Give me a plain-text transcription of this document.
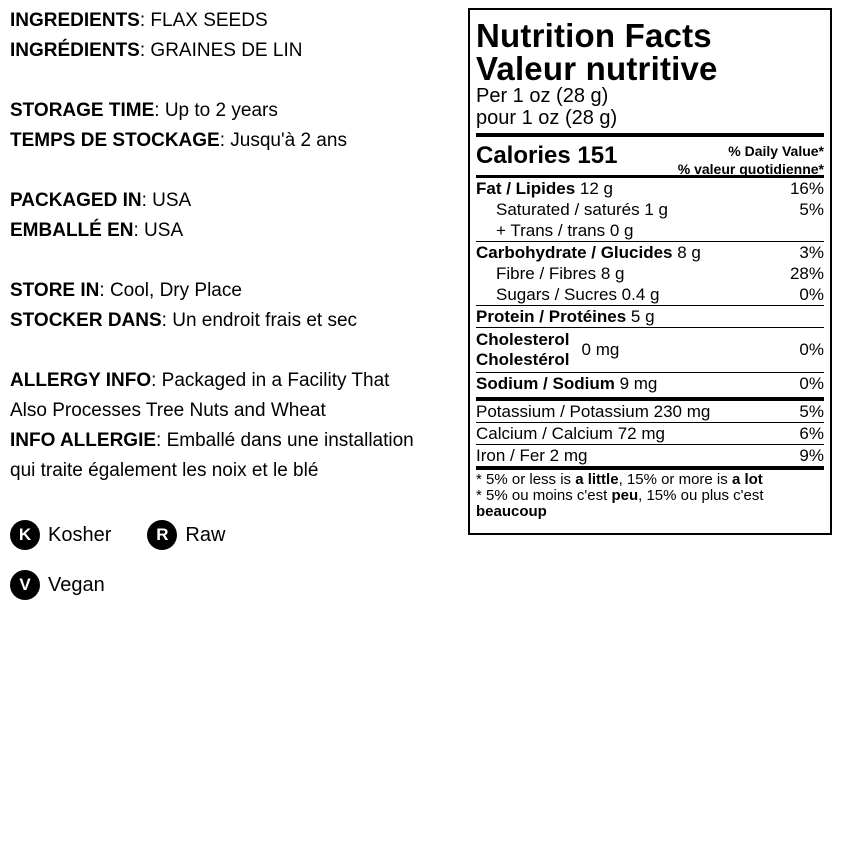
INGREDIENTS: FLAX SEEDS
INGRÉDIENTS: GRAINES DE LIN
STORAGE TIME: Up to 2 years
TEMPS DE STOCKAGE: Jusqu'à 2 ans
PACKAGED IN: USA
EMBALLÉ EN: USA
STORE IN: Cool, Dry Place
STOCKER DANS: Un endroit frais et sec
ALLERGY INFO: Packaged in a Facility That
Also Processes Tree Nuts and Wheat
INFO ALLERGIE: Emballé dans une installation
qui traite également les noix et le blé
K Kosher	R Raw
V Vegan
Nutrition Facts
Valeur nutritive
Per 1 oz (28 g)
pour 1 oz (28 g)
Calories 151	% Daily Value*
% valeur quotidienne*
Fat / Lipides 12 g	16%
Saturated / saturés 1 g	5%
+ Trans / trans 0 g
Carbohydrate / Glucides 8 g	3%
Fibre / Fibres 8 g	28%
Sugars / Sucres 0.4 g	0%
Protein / Protéines 5 g
Cholesterol
Cholestérol
0 mg	0%
Sodium / Sodium 9 mg	0%
Potassium / Potassium 230 mg	5%
Calcium / Calcium 72 mg	6%
Iron / Fer 2 mg	9%
* 5% or less is a little, 15% or more is a lot
* 5% ou moins c'est peu, 15% ou plus c'est
beaucoup
